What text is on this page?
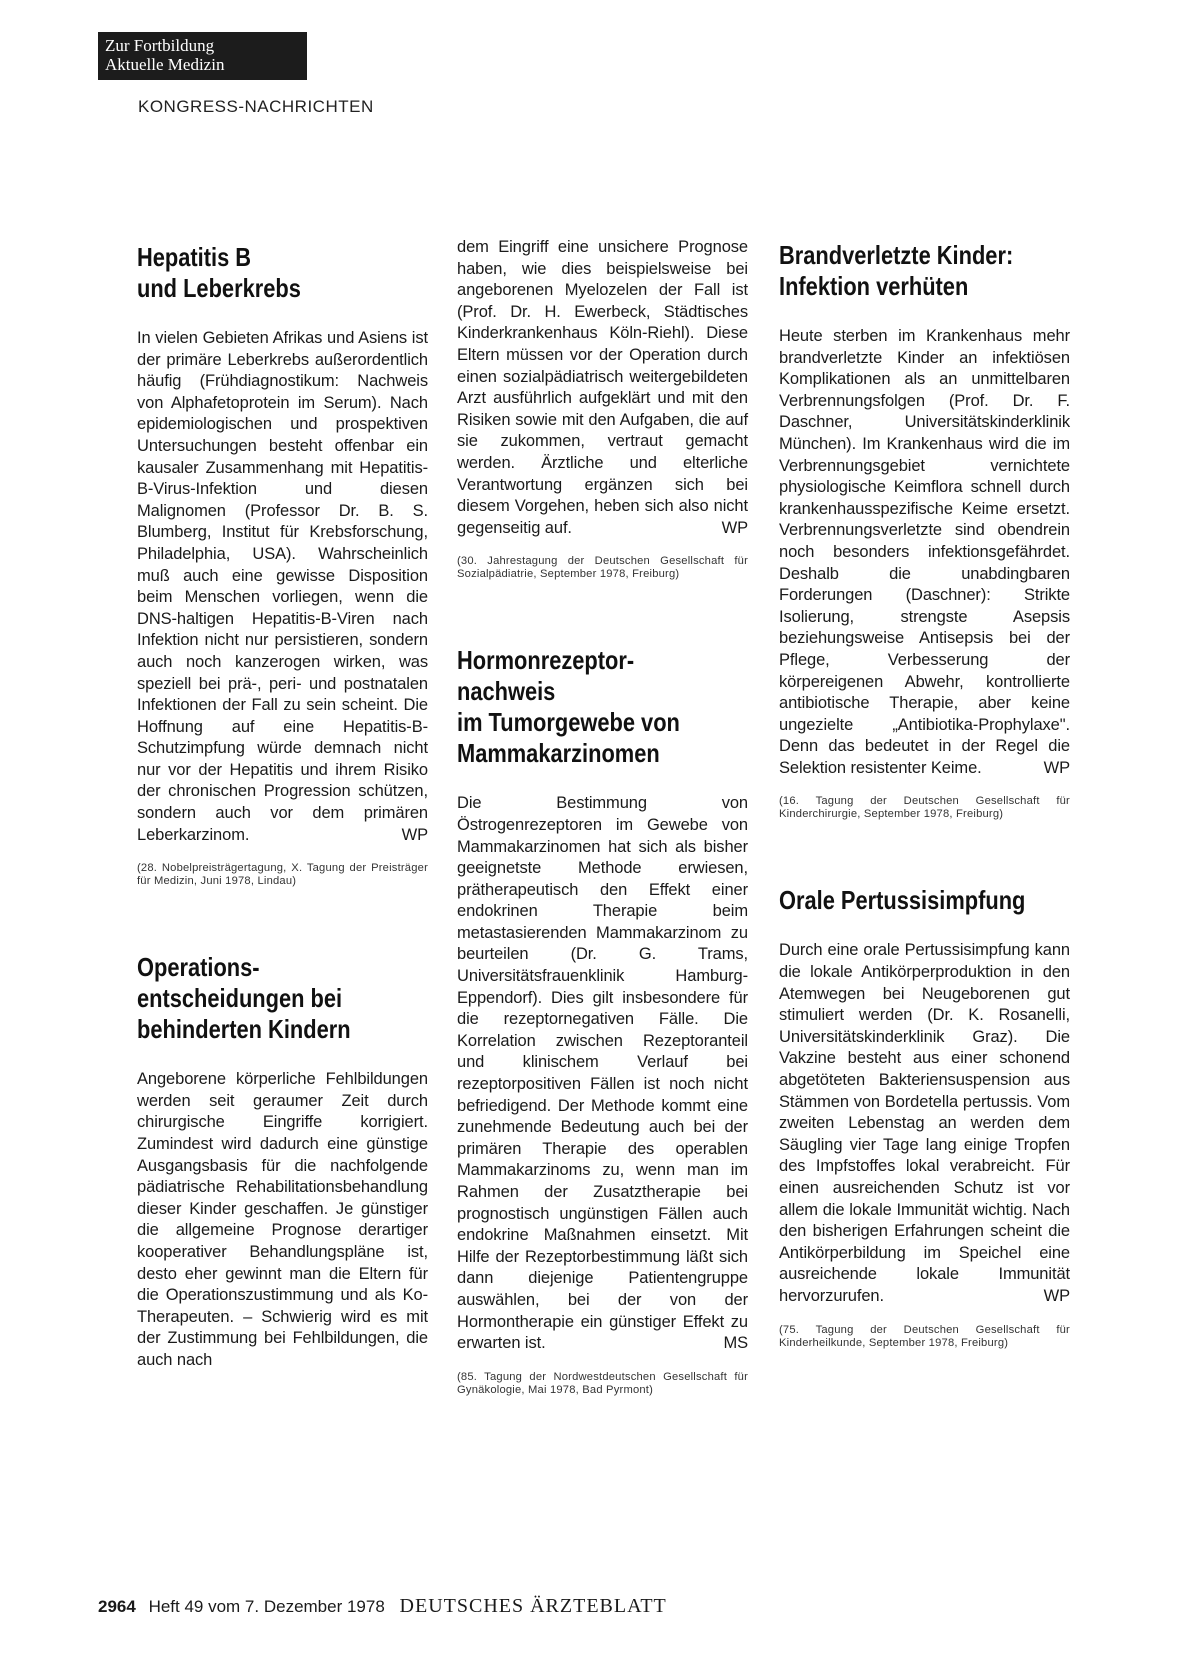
Zur Fortbildung
Aktuelle Medizin
KONGRESS-NACHRICHTEN
Hepatitis B
und Leberkrebs

In vielen Gebieten Afrikas und Asiens ist der primäre Leberkrebs außerordentlich häufig (Frühdiagnostikum: Nachweis von Alphafetoprotein im Serum). Nach epidemiologischen und prospektiven Untersuchungen besteht offenbar ein kausaler Zusammenhang mit Hepatitis-B-Virus-Infektion und diesen Malignomen (Professor Dr. B. S. Blumberg, Institut für Krebsforschung, Philadelphia, USA). Wahrscheinlich muß auch eine gewisse Disposition beim Menschen vorliegen, wenn die DNS-haltigen Hepatitis-B-Viren nach Infektion nicht nur persistieren, sondern auch noch kanzerogen wirken, was speziell bei prä-, peri- und postnatalen Infektionen der Fall zu sein scheint. Die Hoffnung auf eine Hepatitis-B-Schutzimpfung würde demnach nicht nur vor der Hepatitis und ihrem Risiko der chronischen Progression schützen, sondern auch vor dem primären Leberkarzinom.	WP

(28. Nobelpreisträgertagung, X. Tagung der Preisträger für Medizin, Juni 1978, Lindau)

Operations-
entscheidungen bei
behinderten Kindern

Angeborene körperliche Fehlbildungen werden seit geraumer Zeit durch chirurgische Eingriffe korrigiert. Zumindest wird dadurch eine günstige Ausgangsbasis für die nachfolgende pädiatrische Rehabilitationsbehandlung dieser Kinder geschaffen. Je günstiger die allgemeine Prognose derartiger kooperativer Behandlungspläne ist, desto eher gewinnt man die Eltern für die Operationszustimmung und als Ko-Therapeuten. – Schwierig wird es mit der Zustimmung bei Fehlbildungen, die auch nach

dem Eingriff eine unsichere Prognose haben, wie dies beispielsweise bei angeborenen Myelozelen der Fall ist (Prof. Dr. H. Ewerbeck, Städtisches Kinderkrankenhaus Köln-Riehl). Diese Eltern müssen vor der Operation durch einen sozialpädiatrisch weitergebildeten Arzt ausführlich aufgeklärt und mit den Risiken sowie mit den Aufgaben, die auf sie zukommen, vertraut gemacht werden. Ärztliche und elterliche Verantwortung ergänzen sich bei diesem Vorgehen, heben sich also nicht gegenseitig auf.	WP

(30. Jahrestagung der Deutschen Gesellschaft für Sozialpädiatrie, September 1978, Freiburg)

Hormonrezeptor-
nachweis
im Tumorgewebe von
Mammakarzinomen

Die Bestimmung von Östrogenrezeptoren im Gewebe von Mammakarzinomen hat sich als bisher geeignetste Methode erwiesen, prätherapeutisch den Effekt einer endokrinen Therapie beim metastasierenden Mammakarzinom zu beurteilen (Dr. G. Trams, Universitätsfrauenklinik Hamburg-Eppendorf). Dies gilt insbesondere für die rezeptornegativen Fälle. Die Korrelation zwischen Rezeptoranteil und klinischem Verlauf bei rezeptorpositiven Fällen ist noch nicht befriedigend. Der Methode kommt eine zunehmende Bedeutung auch bei der primären Therapie des operablen Mammakarzinoms zu, wenn man im Rahmen der Zusatztherapie bei prognostisch ungünstigen Fällen auch endokrine Maßnahmen einsetzt. Mit Hilfe der Rezeptorbestimmung läßt sich dann diejenige Patientengruppe auswählen, bei der von der Hormontherapie ein günstiger Effekt zu erwarten ist.	MS

(85. Tagung der Nordwestdeutschen Gesellschaft für Gynäkologie, Mai 1978, Bad Pyrmont)

Brandverletzte Kinder:
Infektion verhüten

Heute sterben im Krankenhaus mehr brandverletzte Kinder an infektiösen Komplikationen als an unmittelbaren Verbrennungsfolgen (Prof. Dr. F. Daschner, Universitätskinderklinik München). Im Krankenhaus wird die im Verbrennungsgebiet vernichtete physiologische Keimflora schnell durch krankenhausspezifische Keime ersetzt. Verbrennungsverletzte sind obendrein noch besonders infektionsgefährdet. Deshalb die unabdingbaren Forderungen (Daschner): Strikte Isolierung, strengste Asepsis beziehungsweise Antisepsis bei der Pflege, Verbesserung der körpereigenen Abwehr, kontrollierte antibiotische Therapie, aber keine ungezielte „Antibiotika-Prophylaxe". Denn das bedeutet in der Regel die Selektion resistenter Keime.	WP

(16. Tagung der Deutschen Gesellschaft für Kinderchirurgie, September 1978, Freiburg)

Orale Pertussisimpfung

Durch eine orale Pertussisimpfung kann die lokale Antikörperproduktion in den Atemwegen bei Neugeborenen gut stimuliert werden (Dr. K. Rosanelli, Universitätskinderklinik Graz). Die Vakzine besteht aus einer schonend abgetöteten Bakteriensuspension aus Stämmen von Bordetella pertussis. Vom zweiten Lebenstag an werden dem Säugling vier Tage lang einige Tropfen des Impfstoffes lokal verabreicht. Für einen ausreichenden Schutz ist vor allem die lokale Immunität wichtig. Nach den bisherigen Erfahrungen scheint die Antikörperbildung im Speichel eine ausreichende lokale Immunität hervorzurufen.	WP

(75. Tagung der Deutschen Gesellschaft für Kinderheilkunde, September 1978, Freiburg)

2964 Heft 49 vom 7. Dezember 1978 DEUTSCHES ÄRZTEBLATT
